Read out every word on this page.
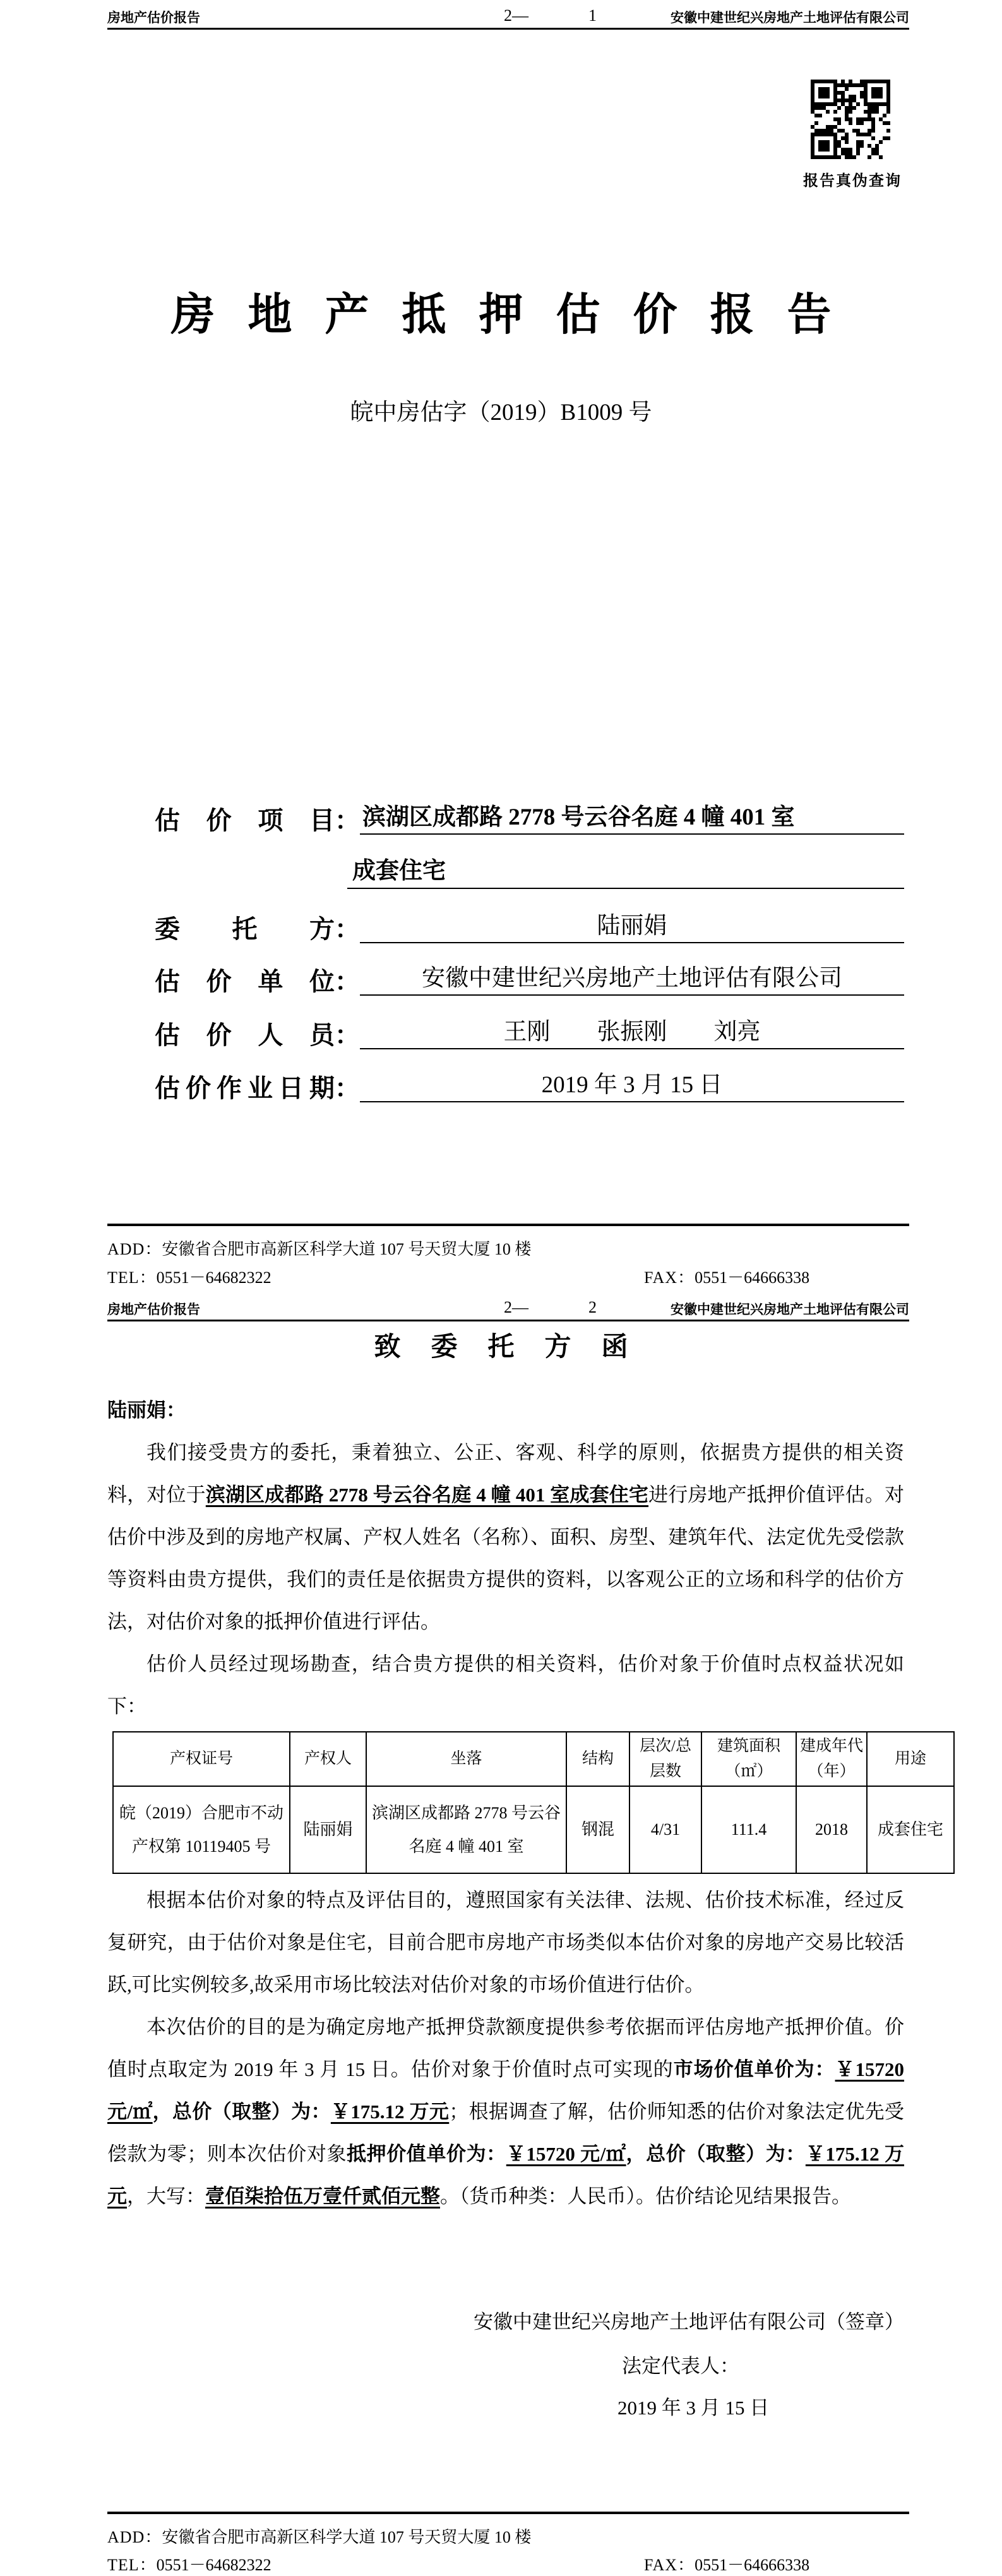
房地产估价报告	2—	1	安徽中建世纪兴房地产土地评估有限公司
报告真伪查询
房地产抵押估价报告
皖中房估字（2019）B1009 号
估价项目 ： 滨湖区成都路 2778 号云谷名庭 4 幢 401 室
成套住宅
委托方 ：	陆丽娟
估价单位 ：	安徽中建世纪兴房地产土地评估有限公司
估价人员 ：	王刚　　张振刚　　刘亮
估价作业日期 ：	2019 年 3 月 15 日
ADD：安徽省合肥市高新区科学大道 107 号天贸大厦 10 楼
TEL：0551－64682322	FAX：0551－64666338
房地产估价报告	2—	2	安徽中建世纪兴房地产土地评估有限公司
致委托方函
陆丽娟：

我们接受贵方的委托，秉着独立、公正、客观、科学的原则，依据贵方提供的相关资料，对位于滨湖区成都路 2778 号云谷名庭 4 幢 401 室成套住宅进行房地产抵押价值评估。对估价中涉及到的房地产权属、产权人姓名（名称）、面积、房型、建筑年代、法定优先受偿款等资料由贵方提供，我们的责任是依据贵方提供的资料，以客观公正的立场和科学的估价方法，对估价对象的抵押价值进行评估。

估价人员经过现场勘查，结合贵方提供的相关资料，估价对象于价值时点权益状况如下：

产权证号	产权人	坐落	结构	层次/总层数	建筑面积（㎡）	建成年代（年）	用途
皖（2019）合肥市不动产权第 10119405 号	陆丽娟	滨湖区成都路 2778 号云谷名庭 4 幢 401 室	钢混	4/31	111.4	2018	成套住宅

根据本估价对象的特点及评估目的，遵照国家有关法律、法规、估价技术标准，经过反复研究，由于估价对象是住宅，目前合肥市房地产市场类似本估价对象的房地产交易比较活跃,可比实例较多,故采用市场比较法对估价对象的市场价值进行估价。

本次估价的目的是为确定房地产抵押贷款额度提供参考依据而评估房地产抵押价值。价值时点取定为 2019 年 3 月 15 日。估价对象于价值时点可实现的市场价值单价为：￥15720 元/㎡，总价（取整）为：￥175.12 万元；根据调查了解，估价师知悉的估价对象法定优先受偿款为零；则本次估价对象抵押价值单价为：￥15720 元/㎡，总价（取整）为：￥175.12 万元，大写：壹佰柒拾伍万壹仟贰佰元整。（货币种类：人民币）。估价结论见结果报告。

安徽中建世纪兴房地产土地评估有限公司（签章）
法定代表人：
2019 年 3 月 15 日
ADD：安徽省合肥市高新区科学大道 107 号天贸大厦 10 楼
TEL：0551－64682322	FAX：0551－64666338
